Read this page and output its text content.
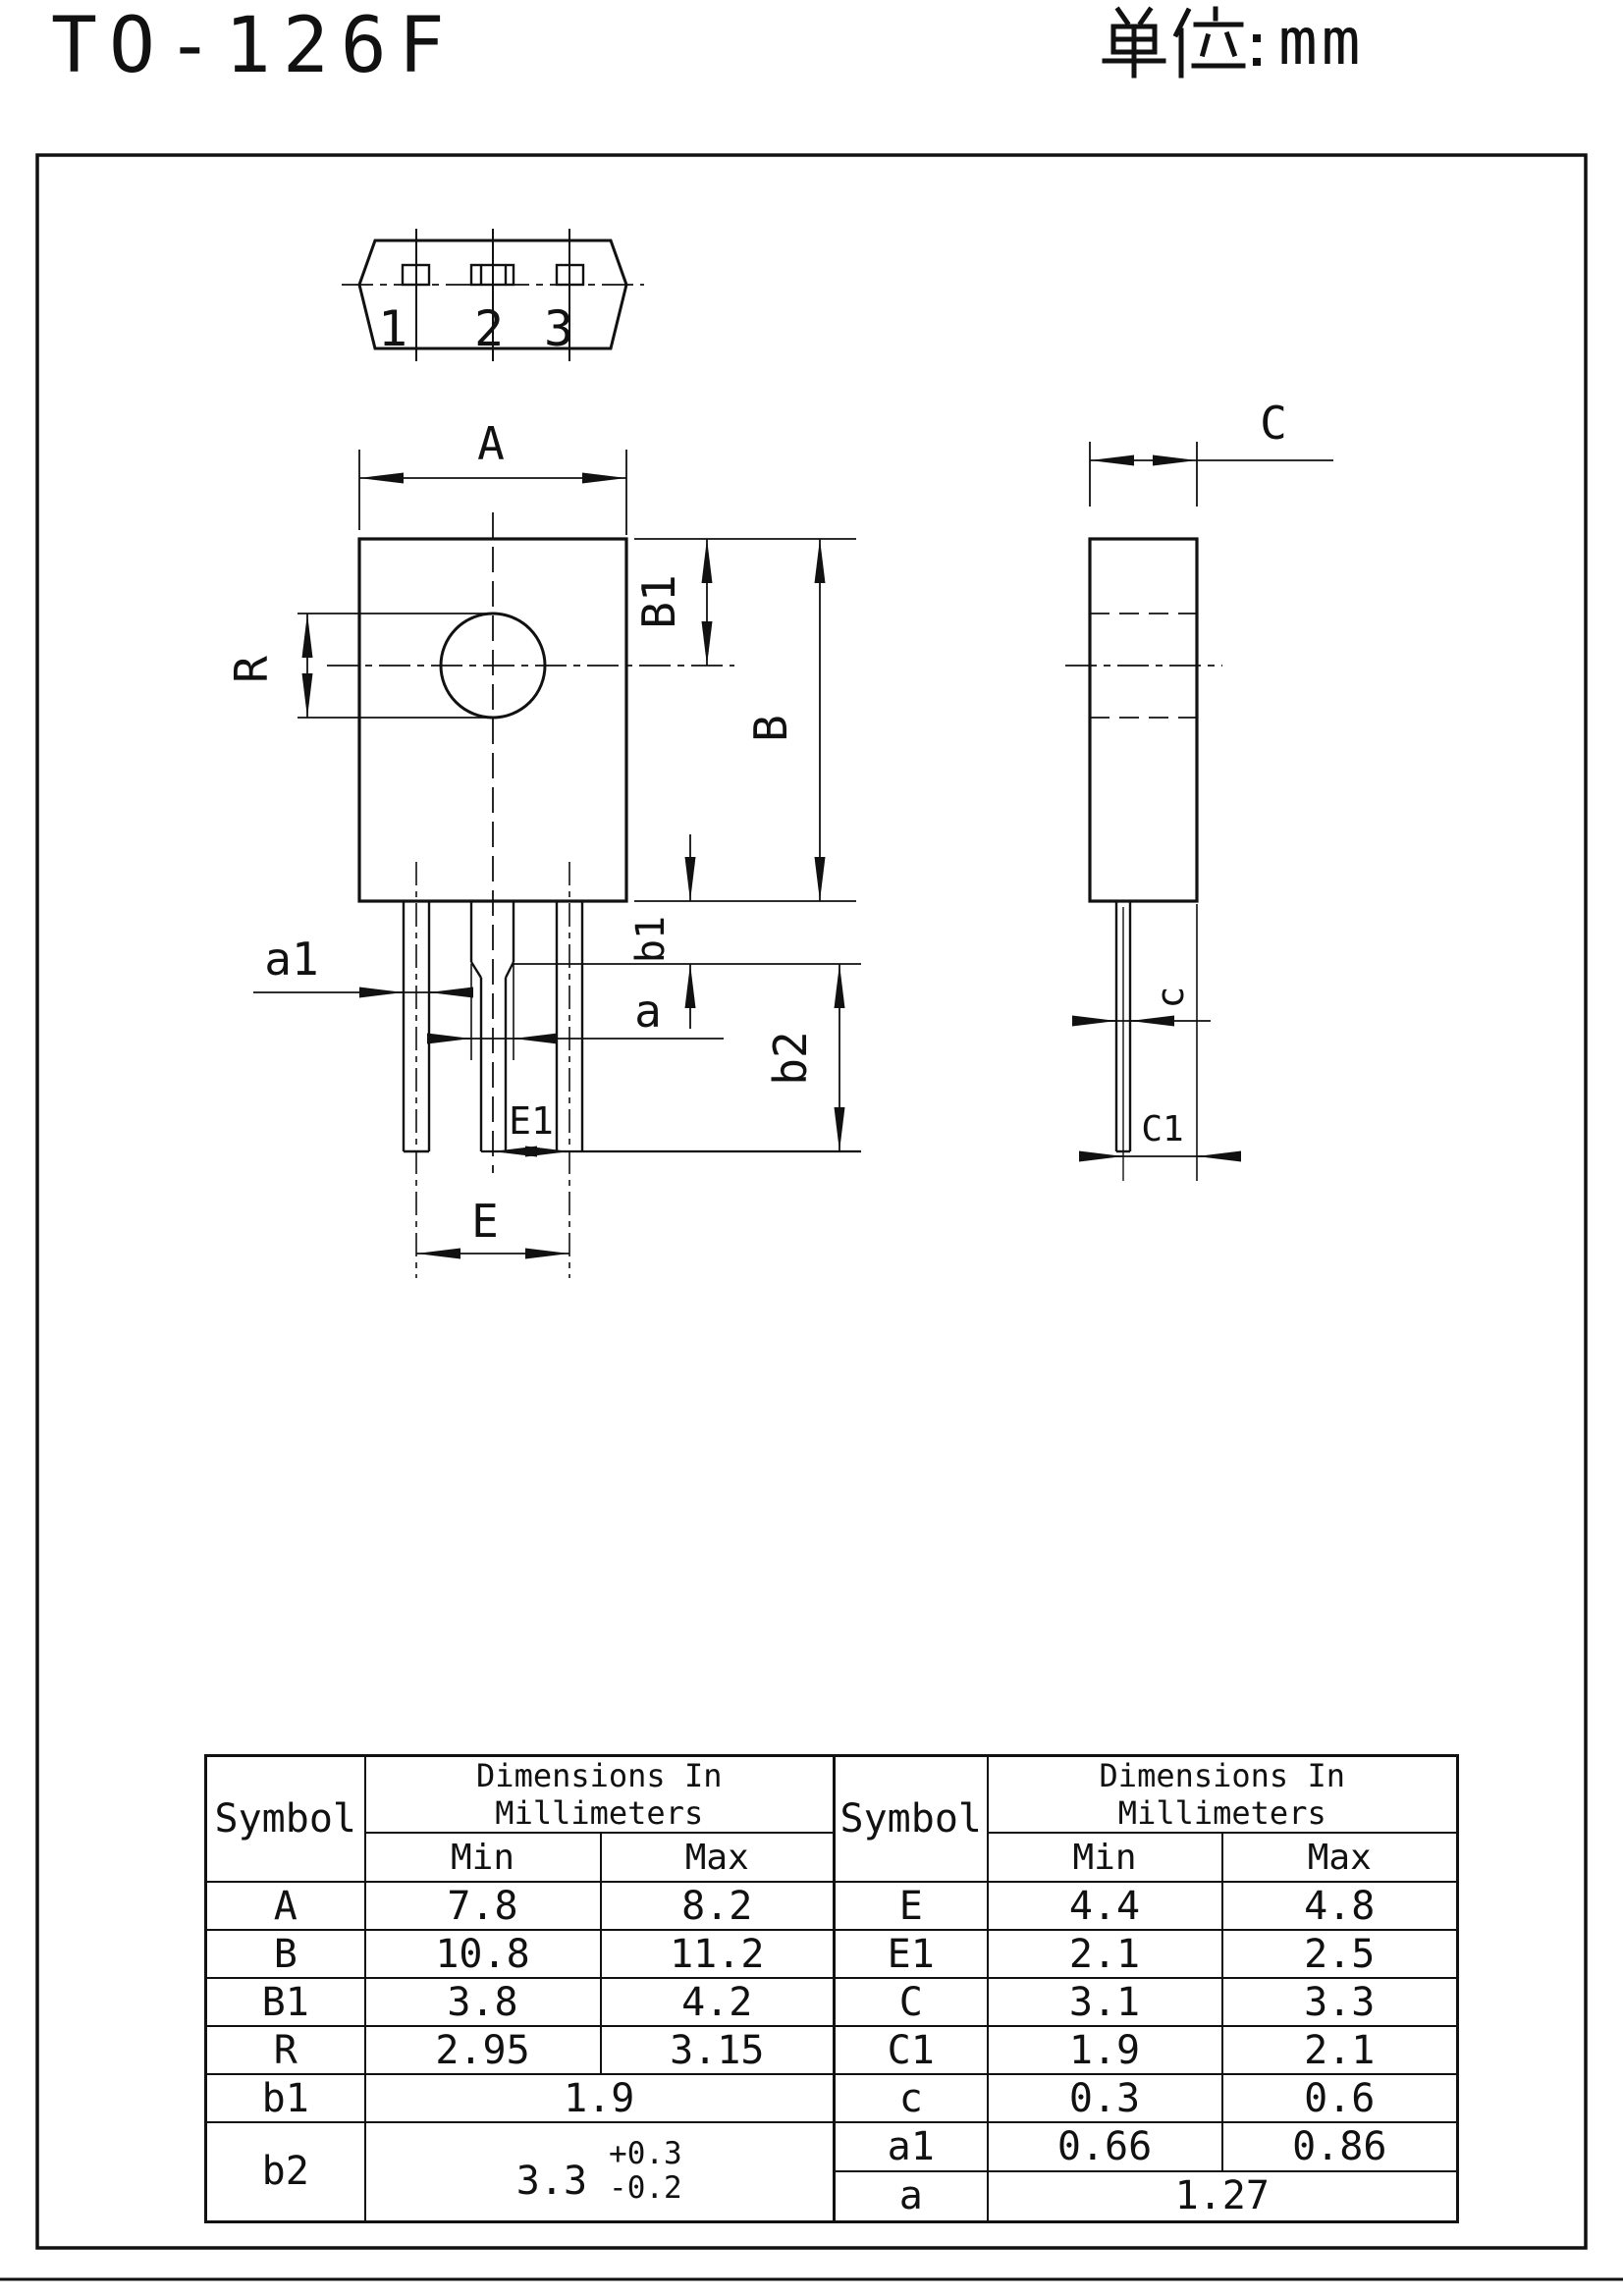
TO-126F	mm
1 2 3
R
A
B1
B
b1
b2
a
a1
E1
E
C
c
C1
Symbol	Dimensions In Millimeters	
	Min	Max
A	7.8	8.2
B	10.8	11.2
B1	3.8	4.2
R	2.95	3.15
b1	1.9	
b2	3.3
+0.3
-0.2	
Symbol	Dimensions In Millimeters	
	Min	Max
E	4.4	4.8
E1	2.1	2.5
C	3.1	3.3
C1	1.9	2.1
c	0.3	0.6
a1	0.66	0.86
a	1.27	
